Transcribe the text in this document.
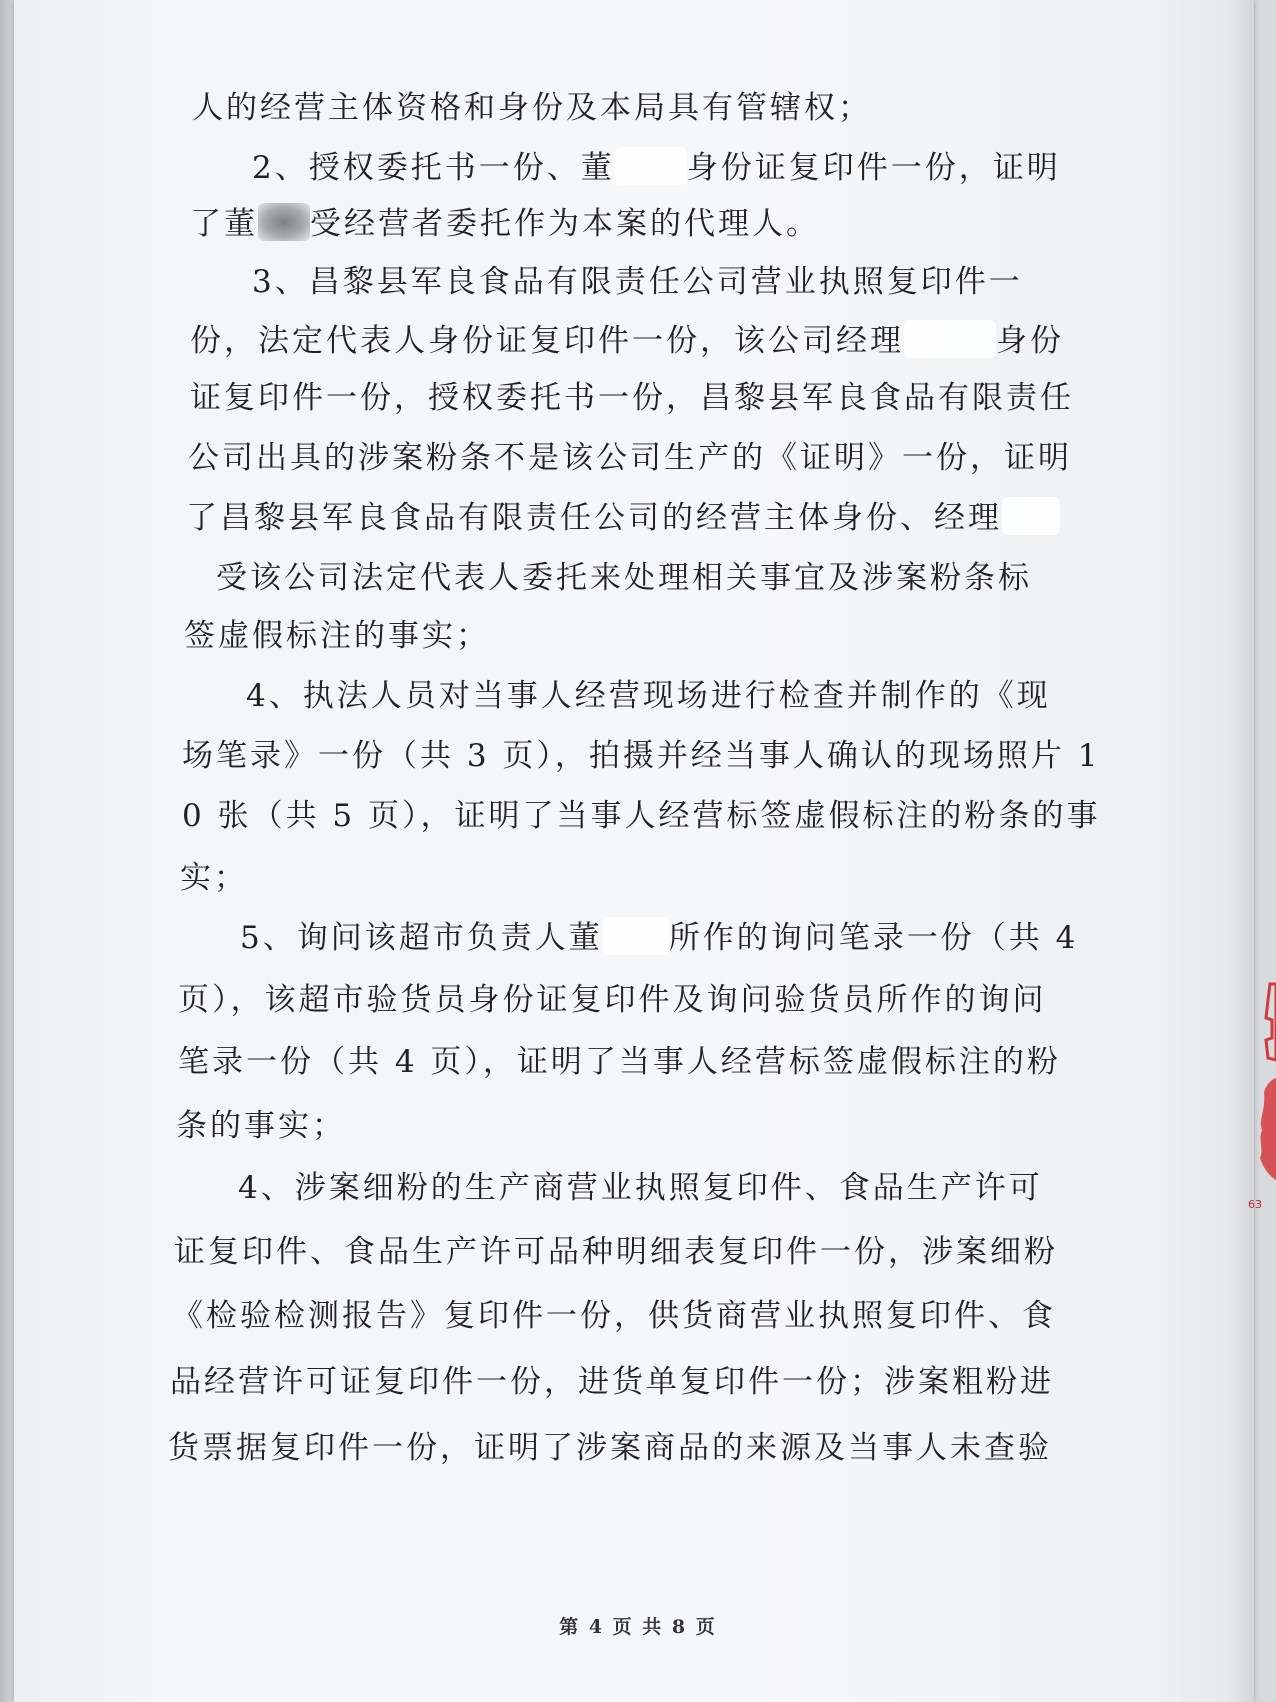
人的经营主体资格和身份及本局具有管辖权；
2、授权委托书一份、董 身份证复印件一份，证明
了董 受经营者委托作为本案的代理人。
3、昌黎县军良食品有限责任公司营业执照复印件一
份，法定代表人身份证复印件一份，该公司经理	身份
证复印件一份，授权委托书一份，昌黎县军良食品有限责任
公司出具的涉案粉条不是该公司生产的《证明》一份，证明
了昌黎县军良食品有限责任公司的经营主体身份、经理
受该公司法定代表人委托来处理相关事宜及涉案粉条标
签虚假标注的事实；
4、执法人员对当事人经营现场进行检查并制作的《现
场笔录》一份（共 3 页），拍摄并经当事人确认的现场照片 1
0 张（共 5 页），证明了当事人经营标签虚假标注的粉条的事
实；
5、询问该超市负责人董 所作的询问笔录一份（共 4
页），该超市验货员身份证复印件及询问验货员所作的询问
笔录一份（共 4 页），证明了当事人经营标签虚假标注的粉
条的事实；
4、涉案细粉的生产商营业执照复印件、食品生产许可
证复印件、食品生产许可品种明细表复印件一份，涉案细粉
《检验检测报告》复印件一份，供货商营业执照复印件、食
品经营许可证复印件一份，进货单复印件一份；涉案粗粉进
货票据复印件一份，证明了涉案商品的来源及当事人未查验
第 4 页 共 8 页
63
